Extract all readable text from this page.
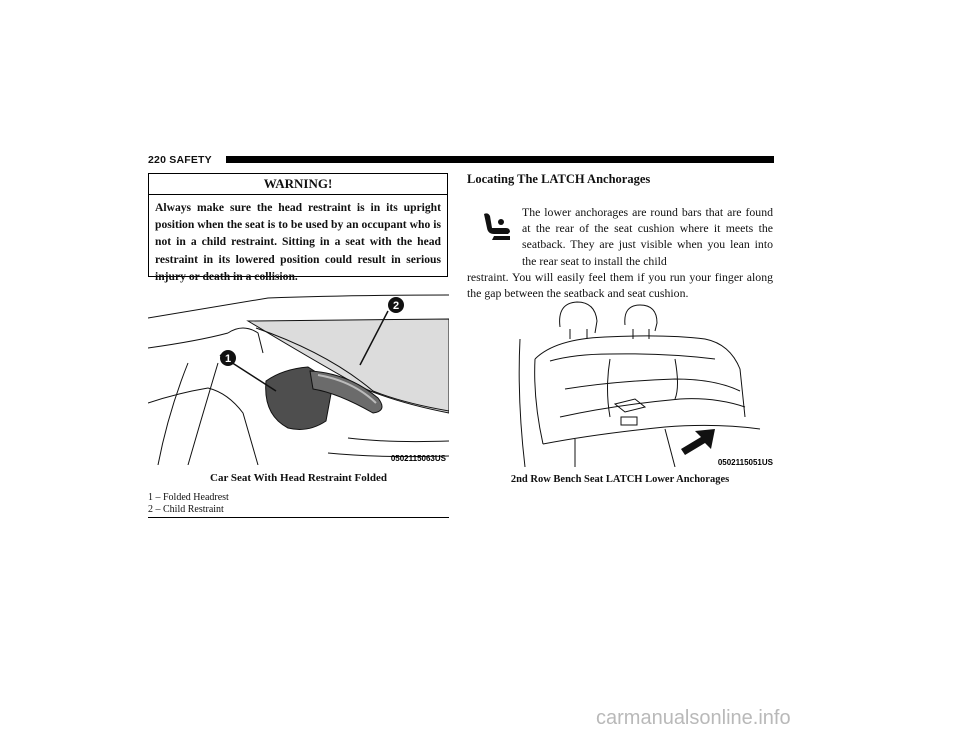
220 SAFETY
WARNING!
Always make sure the head restraint is in its upright position when the seat is to be used by an occupant who is not in a child restraint. Sitting in a seat with the head restraint in its lowered position could result in serious injury or death in a collision.
1
2
0502115063US
Car Seat With Head Restraint Folded
1 – Folded Headrest
2 – Child Restraint
Locating The LATCH Anchorages
The lower anchorages are round bars that are found at the rear of the seat cushion where it meets the seatback. They are just visible when you lean into the rear seat to install the child
restraint. You will easily feel them if you run your finger along the gap between the seatback and seat cushion.
0502115051US
2nd Row Bench Seat LATCH Lower Anchorages
carmanualsonline.info
